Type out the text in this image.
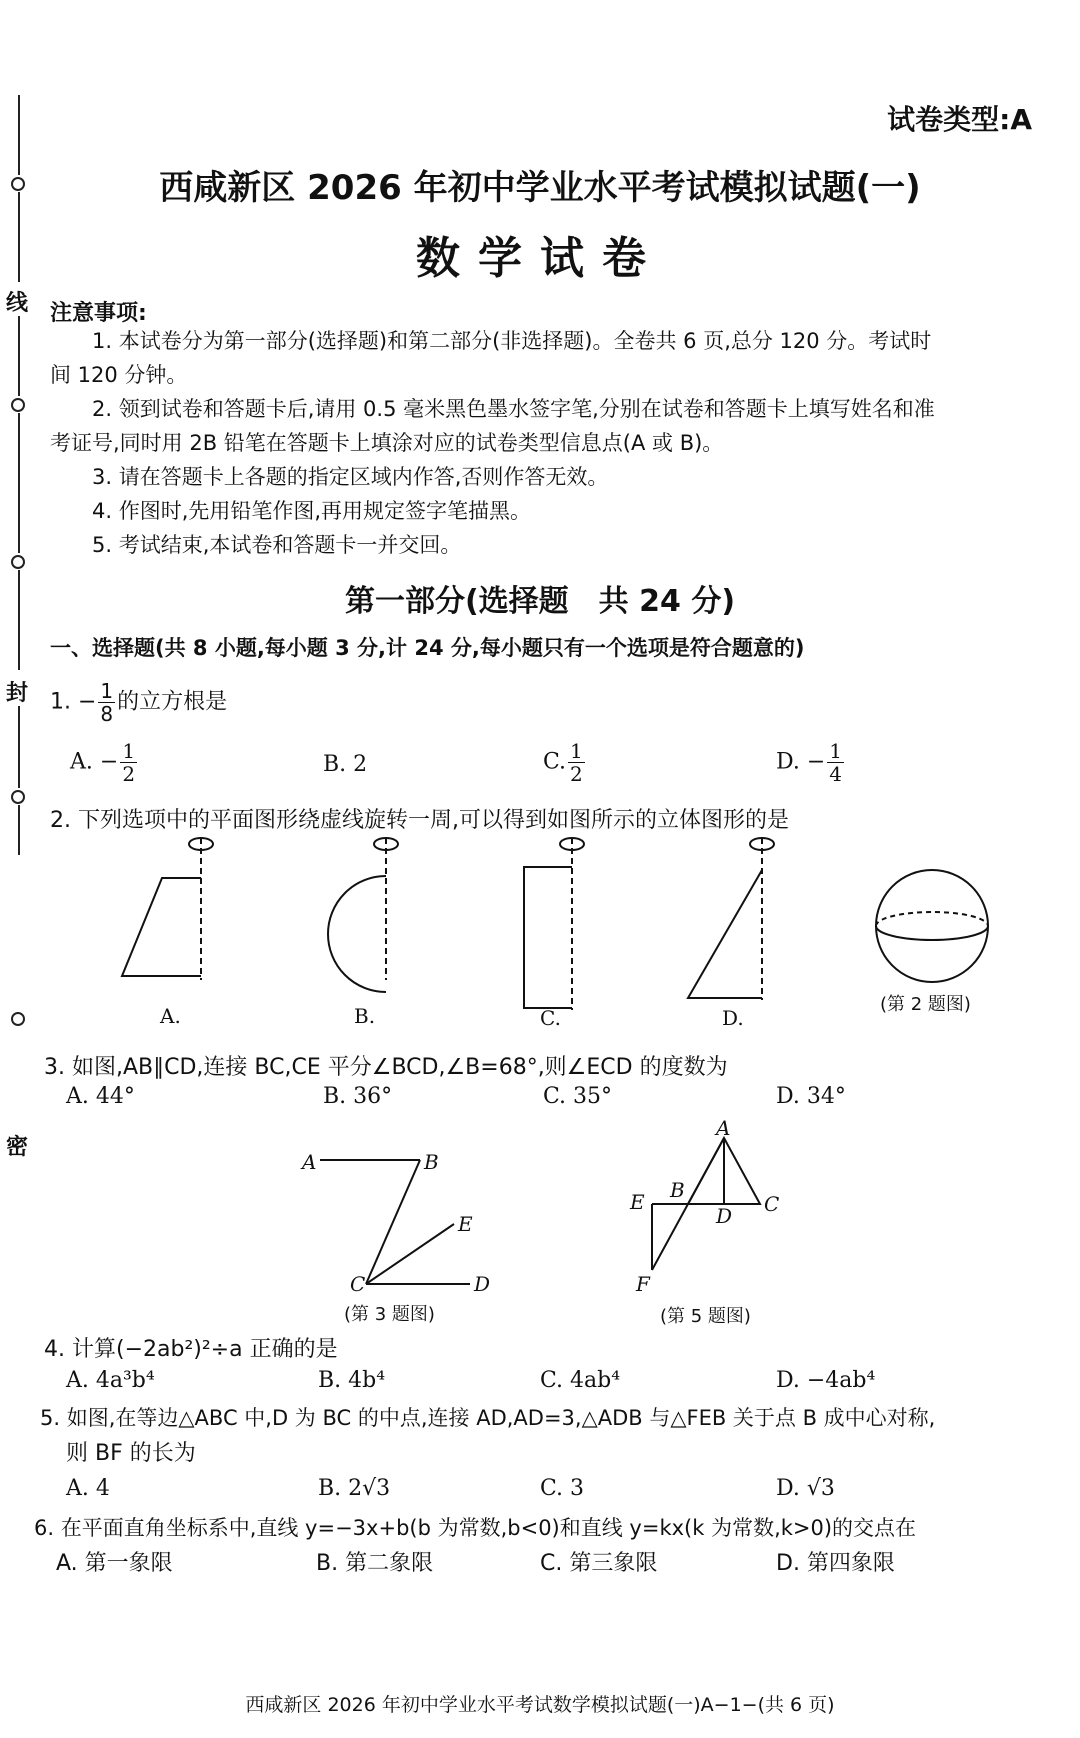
线
封
密
试卷类型:A
西咸新区 2026 年初中学业水平考试模拟试题(一)
数学试卷
注意事项:
1. 本试卷分为第一部分(选择题)和第二部分(非选择题)。全卷共 6 页,总分 120 分。考试时
间 120 分钟。
2. 领到试卷和答题卡后,请用 0.5 毫米黑色墨水签字笔,分别在试卷和答题卡上填写姓名和准
考证号,同时用 2B 铅笔在答题卡上填涂对应的试卷类型信息点(A 或 B)。
3. 请在答题卡上各题的指定区域内作答,否则作答无效。
4. 作图时,先用铅笔作图,再用规定签字笔描黑。
5. 考试结束,本试卷和答题卡一并交回。
第一部分(选择题　共 24 分)
一、选择题(共 8 小题,每小题 3 分,计 24 分,每小题只有一个选项是符合题意的)
1. − $\frac{1}{8}$ 的立方根是
A. − $\frac{1}{2}$	B. 2	C. $\frac{1}{2}$	D. − $\frac{1}{4}$
2. 下列选项中的平面图形绕虚线旋转一周,可以得到如图所示的立体图形的是
A.	B.	C.	D.
(第 2 题图)
3. 如图,AB∥CD,连接 BC,CE 平分∠BCD,∠B=68°,则∠ECD 的度数为
A. 44°	B. 36°	C. 35°	D. 34°
A	B
E
C	D
(第 3 题图)
A
B
C
D
E
F
(第 5 题图)
4. 计算(−2ab²)²÷a 正确的是
A. 4a³b⁴	B. 4b⁴	C. 4ab⁴	D. −4ab⁴
5. 如图,在等边△ABC 中,D 为 BC 的中点,连接 AD,AD=3,△ADB 与△FEB 关于点 B 成中心对称,
则 BF 的长为
A. 4	B. 2√3	C. 3	D. √3
6. 在平面直角坐标系中,直线 y=−3x+b(b 为常数,b<0)和直线 y=kx(k 为常数,k>0)的交点在
A. 第一象限	B. 第二象限	C. 第三象限	D. 第四象限
西咸新区 2026 年初中学业水平考试数学模拟试题(一)A−1−(共 6 页)
